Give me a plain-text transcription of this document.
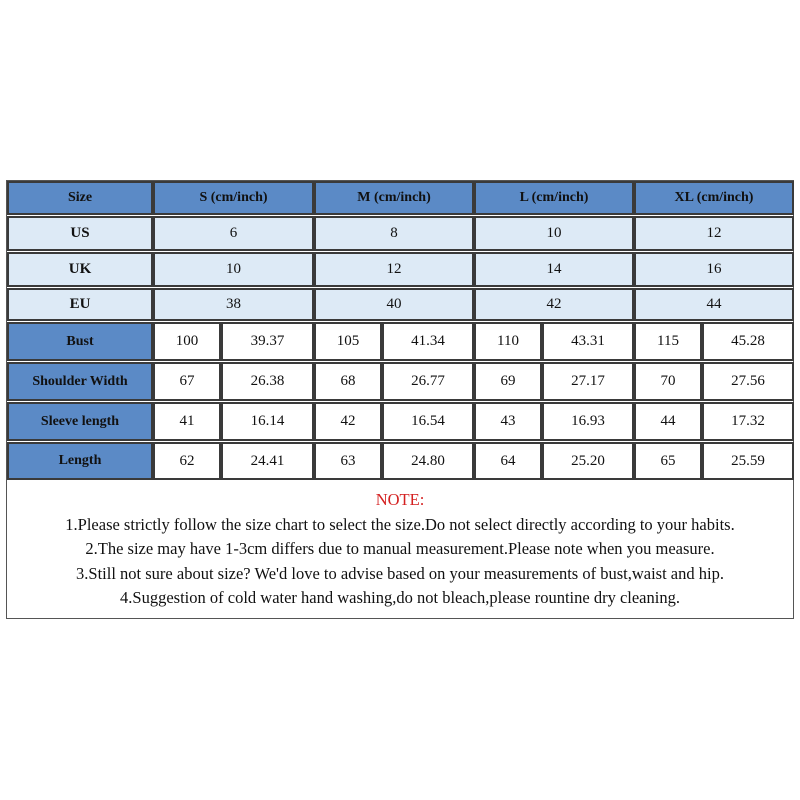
Size	S (cm/inch)	M (cm/inch)	L (cm/inch)	XL (cm/inch)
US	6	8	10	12
UK	10	12	14	16
EU	38	40	42	44
Bust	100	39.37	105	41.34	110	43.31	115	45.28
Shoulder Width	67	26.38	68	26.77	69	27.17	70	27.56
Sleeve length	41	16.14	42	16.54	43	16.93	44	17.32
Length	62	24.41	63	24.80	64	25.20	65	25.59
NOTE:
1.Please strictly follow the size chart to select the size.Do not select directly according to your habits.
2.The size may have 1-3cm differs due to manual measurement.Please note when you measure.
3.Still not sure about size? We'd love to advise based on your measurements of bust,waist and hip.
4.Suggestion of cold water hand washing,do not bleach,please rountine dry cleaning.
